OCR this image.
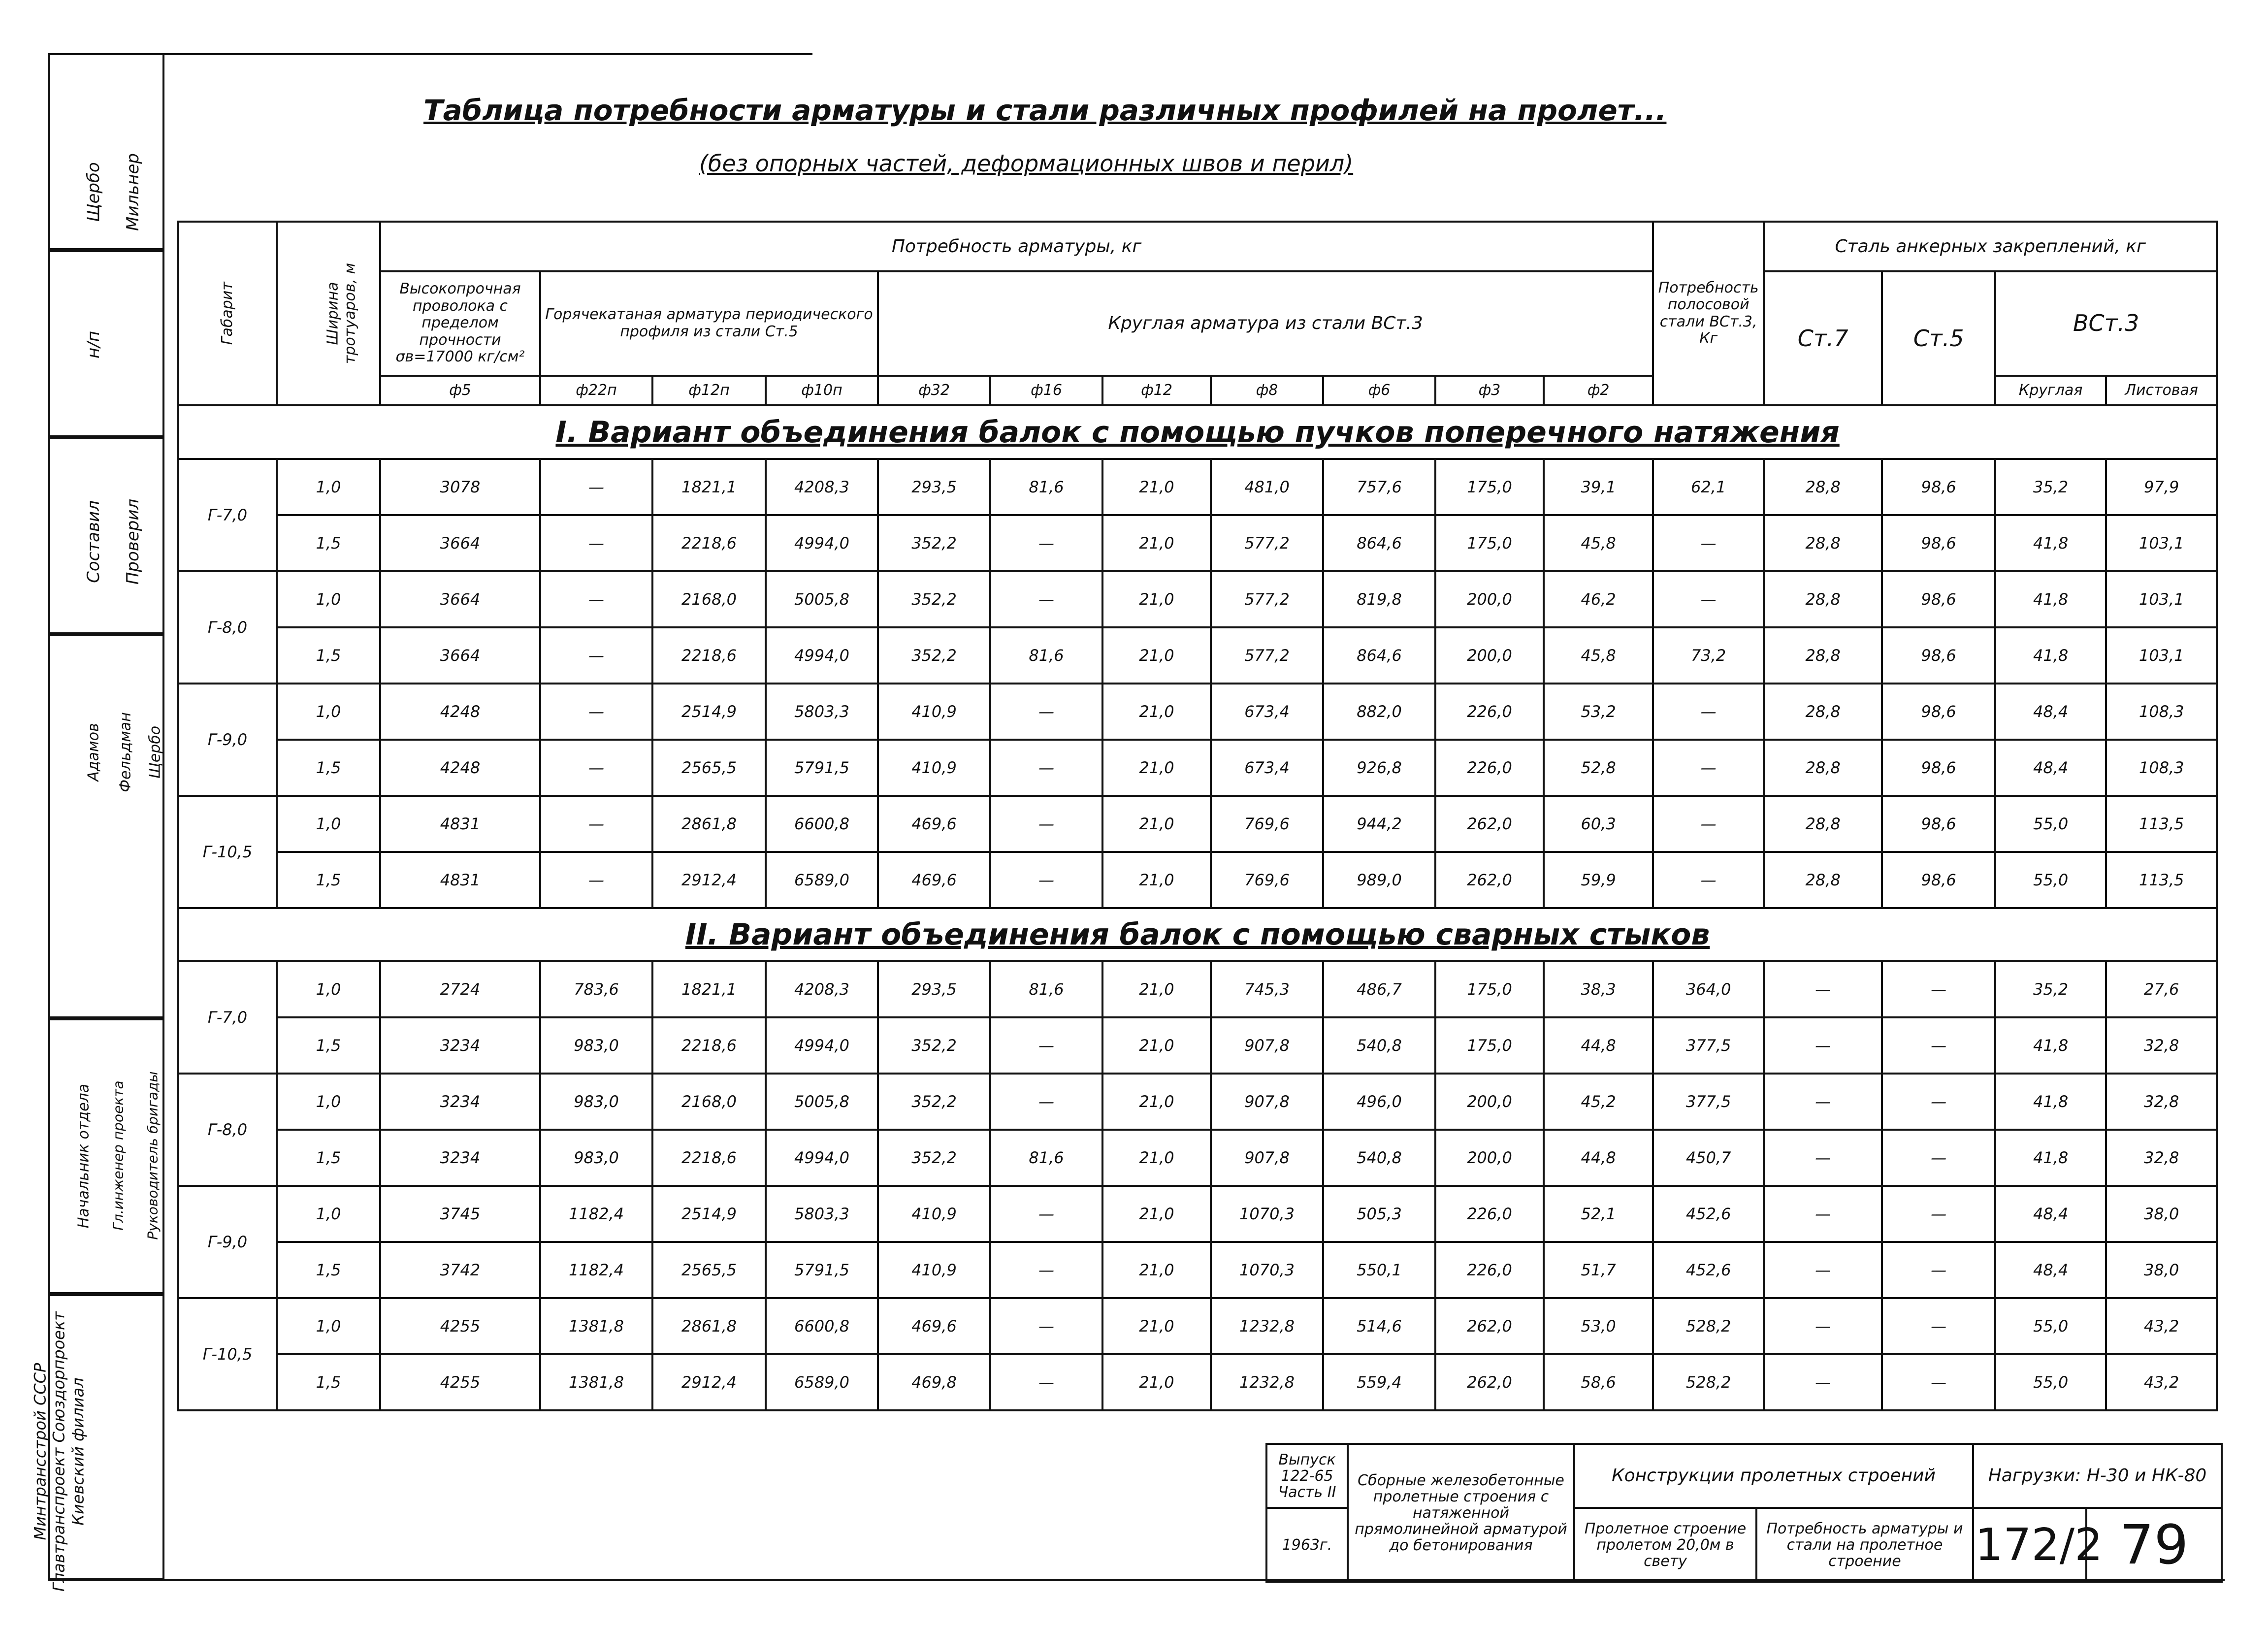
Таблица потребности арматуры и стали различных профилей на пролет...
(без опорных частей, деформационных швов и перил)
Щербо Мильнер
н/п
Составил Проверил
Адамов Фельдман Щербо
Начальник отдела Гл.инженер проекта Руководитель бригады
Минтрансстрой СССР Главтранспроект Союздорпроект Киевский филиал
Габарит	Ширина тротуаров, м	Потребность арматуры, кг											Потребность полосовой стали ВСт.3, Кг	Сталь анкерных закреплений, кг			
		Высокопрочная проволока с пределом прочности σв=17000 кг/см²	Горячекатаная арматура периодического профиля из стали Ст.5			Круглая арматура из стали ВСт.3								Ст.7	Ст.5	ВСт.3	
		ф5	ф22п	ф12п	ф10п	ф32	ф16	ф12	ф8	ф6	ф3	ф2				Круглая	Листовая
I. Вариант объединения балок с помощью пучков поперечного натяжения																	
Г-7,0	1,0	3078	—	1821,1	4208,3	293,5	81,6	21,0	481,0	757,6	175,0	39,1	62,1	28,8	98,6	35,2	97,9
	1,5	3664	—	2218,6	4994,0	352,2	—	21,0	577,2	864,6	175,0	45,8	—	28,8	98,6	41,8	103,1
Г-8,0	1,0	3664	—	2168,0	5005,8	352,2	—	21,0	577,2	819,8	200,0	46,2	—	28,8	98,6	41,8	103,1
	1,5	3664	—	2218,6	4994,0	352,2	81,6	21,0	577,2	864,6	200,0	45,8	73,2	28,8	98,6	41,8	103,1
Г-9,0	1,0	4248	—	2514,9	5803,3	410,9	—	21,0	673,4	882,0	226,0	53,2	—	28,8	98,6	48,4	108,3
	1,5	4248	—	2565,5	5791,5	410,9	—	21,0	673,4	926,8	226,0	52,8	—	28,8	98,6	48,4	108,3
Г-10,5	1,0	4831	—	2861,8	6600,8	469,6	—	21,0	769,6	944,2	262,0	60,3	—	28,8	98,6	55,0	113,5
	1,5	4831	—	2912,4	6589,0	469,6	—	21,0	769,6	989,0	262,0	59,9	—	28,8	98,6	55,0	113,5
II. Вариант объединения балок с помощью сварных стыков																	
Г-7,0	1,0	2724	783,6	1821,1	4208,3	293,5	81,6	21,0	745,3	486,7	175,0	38,3	364,0	—	—	35,2	27,6
	1,5	3234	983,0	2218,6	4994,0	352,2	—	21,0	907,8	540,8	175,0	44,8	377,5	—	—	41,8	32,8
Г-8,0	1,0	3234	983,0	2168,0	5005,8	352,2	—	21,0	907,8	496,0	200,0	45,2	377,5	—	—	41,8	32,8
	1,5	3234	983,0	2218,6	4994,0	352,2	81,6	21,0	907,8	540,8	200,0	44,8	450,7	—	—	41,8	32,8
Г-9,0	1,0	3745	1182,4	2514,9	5803,3	410,9	—	21,0	1070,3	505,3	226,0	52,1	452,6	—	—	48,4	38,0
	1,5	3742	1182,4	2565,5	5791,5	410,9	—	21,0	1070,3	550,1	226,0	51,7	452,6	—	—	48,4	38,0
Г-10,5	1,0	4255	1381,8	2861,8	6600,8	469,6	—	21,0	1232,8	514,6	262,0	53,0	528,2	—	—	55,0	43,2
	1,5	4255	1381,8	2912,4	6589,0	469,8	—	21,0	1232,8	559,4	262,0	58,6	528,2	—	—	55,0	43,2
Выпуск 122-65 Часть II	Сборные железобетонные пролетные строения с натяженной прямолинейной арматурой до бетонирования	Конструкции пролетных строений		Нагрузки: Н-30 и НК-80	
1963г.		Пролетное строение пролетом 20,0м в свету	Потребность арматуры и стали на пролетное строение	172/2	79
